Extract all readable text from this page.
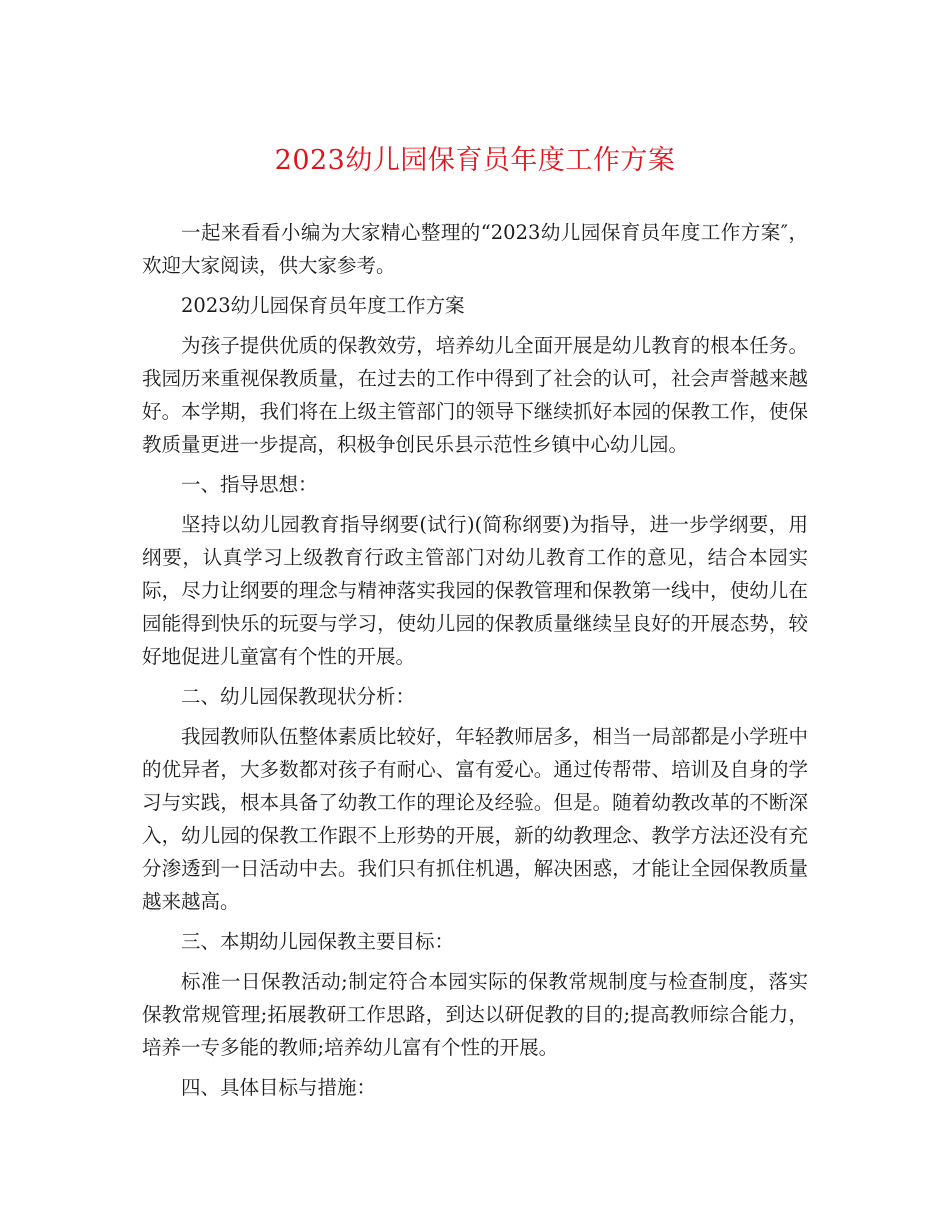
2023幼儿园保育员年度工作方案

一起来看看小编为大家精心整理的“2023幼儿园保育员年度工作方案″，欢迎大家阅读，供大家参考。

2023幼儿园保育员年度工作方案

为孩子提供优质的保教效劳，培养幼儿全面开展是幼儿教育的根本任务。我园历来重视保教质量，在过去的工作中得到了社会的认可，社会声誉越来越好。本学期，我们将在上级主管部门的领导下继续抓好本园的保教工作，使保教质量更进一步提高，积极争创民乐县示范性乡镇中心幼儿园。

一、指导思想：

坚持以幼儿园教育指导纲要(试行)(简称纲要)为指导，进一步学纲要，用纲要，认真学习上级教育行政主管部门对幼儿教育工作的意见，结合本园实际，尽力让纲要的理念与精神落实我园的保教管理和保教第一线中，使幼儿在园能得到快乐的玩耍与学习，使幼儿园的保教质量继续呈良好的开展态势，较好地促进儿童富有个性的开展。

二、幼儿园保教现状分析：

我园教师队伍整体素质比较好，年轻教师居多，相当一局部都是小学班中的优异者，大多数都对孩子有耐心、富有爱心。通过传帮带、培训及自身的学习与实践，根本具备了幼教工作的理论及经验。但是。随着幼教改革的不断深入，幼儿园的保教工作跟不上形势的开展，新的幼教理念、教学方法还没有充分渗透到一日活动中去。我们只有抓住机遇，解决困惑，才能让全园保教质量越来越高。

三、本期幼儿园保教主要目标：

标准一日保教活动;制定符合本园实际的保教常规制度与检查制度，落实保教常规管理;拓展教研工作思路，到达以研促教的目的;提高教师综合能力，培养一专多能的教师;培养幼儿富有个性的开展。

四、具体目标与措施：
